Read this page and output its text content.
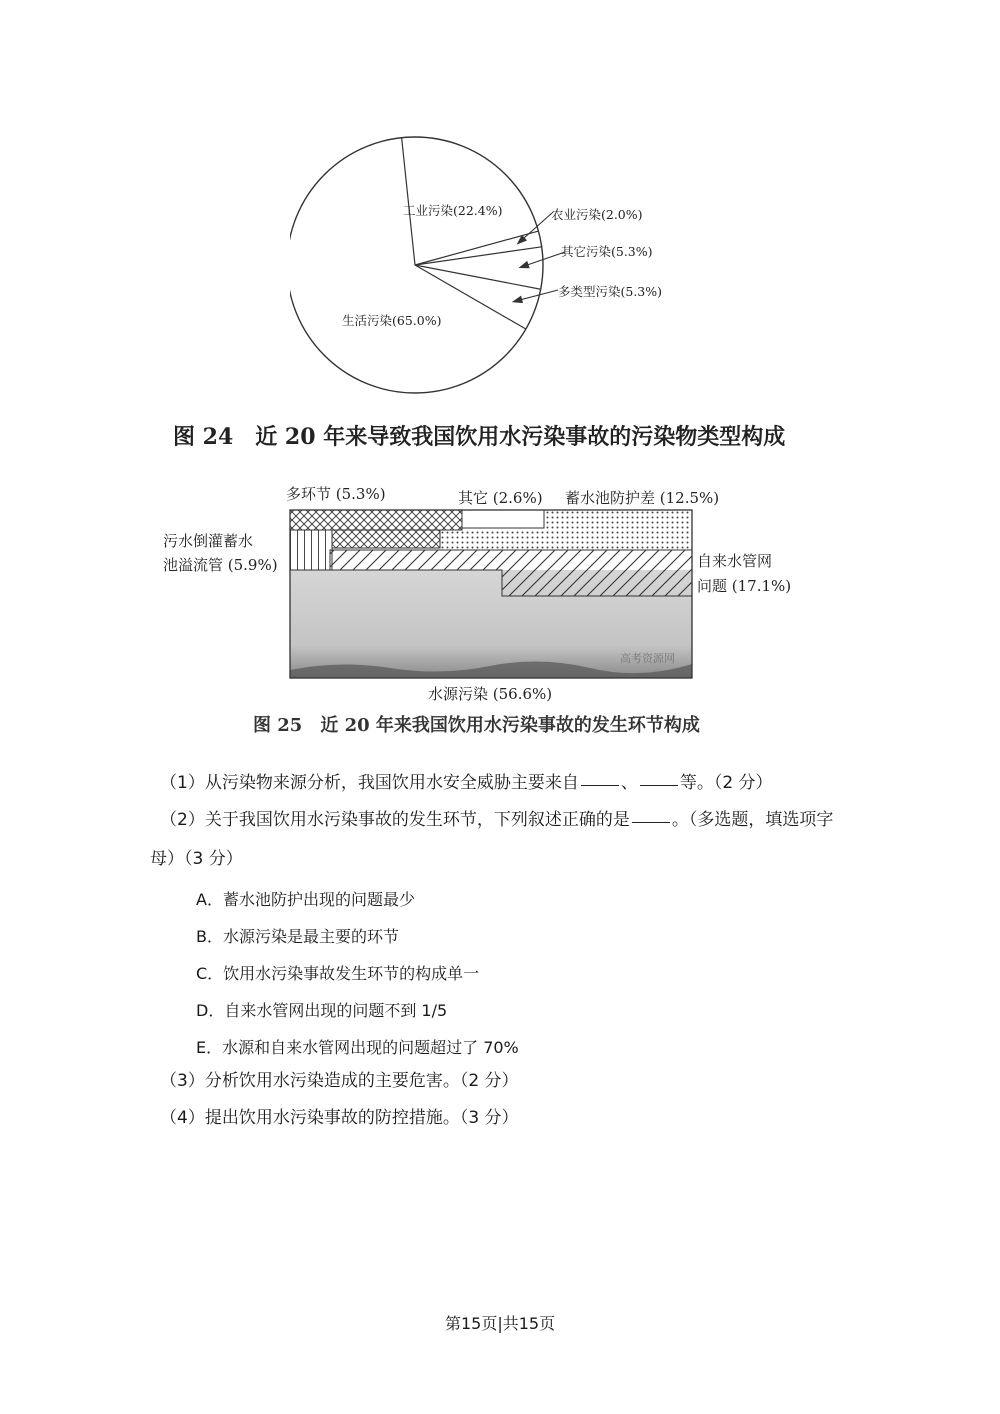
工业污染(22.4%)	农业污染(2.0%)
其它污染(5.3%)
多类型污染(5.3%)
生活污染(65.0%)
图 24　近 20 年来导致我国饮用水污染事故的污染物类型构成
多环节 (5.3%)	其它 (2.6%) 蓄水池防护差 (12.5%)
污水倒灌蓄水
池溢流管 (5.9%)	自来水管网
问题 (17.1%)
水源污染 (56.6%)
高考资源网
图 25　近 20 年来我国饮用水污染事故的发生环节构成
（1）从污染物来源分析，我国饮用水安全威胁主要来自 、 等。（2 分）
（2）关于我国饮用水污染事故的发生环节，下列叙述正确的是 。（多选题，填选项字
母）（3 分）
A．蓄水池防护出现的问题最少
B．水源污染是最主要的环节
C．饮用水污染事故发生环节的构成单一
D．自来水管网出现的问题不到 1/5
E．水源和自来水管网出现的问题超过了 70%
（3）分析饮用水污染造成的主要危害。（2 分）
（4）提出饮用水污染事故的防控措施。（3 分）
第15页|共15页
